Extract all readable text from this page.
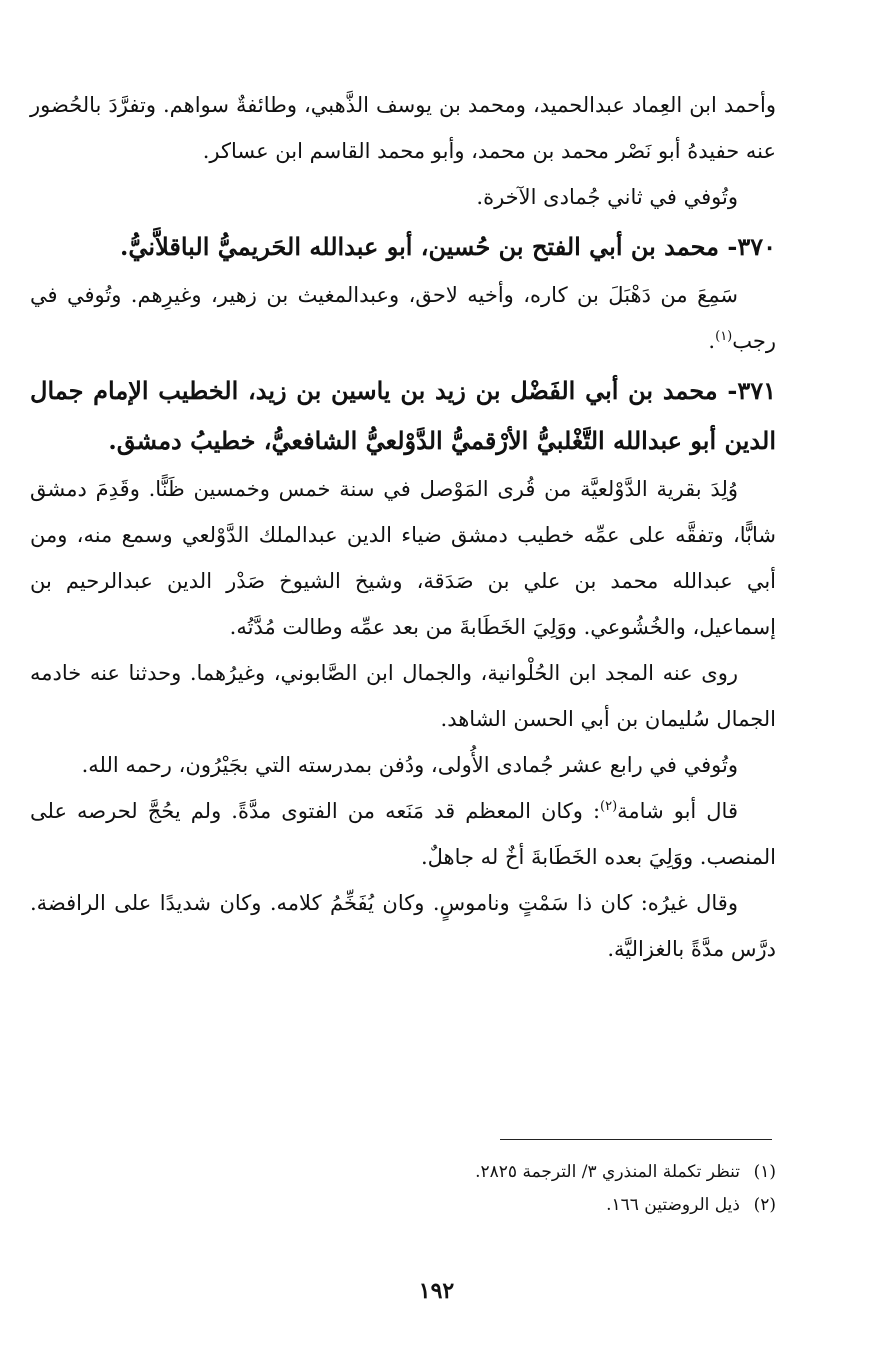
وأحمد ابن العِماد عبدالحميد، ومحمد بن يوسف الذَّهبي، وطائفةٌ سواهم. وتفرَّدَ بالحُضور عنه حفيدهُ أبو نَصْر محمد بن محمد، وأبو محمد القاسم ابن عساكر.

وتُوفي في ثاني جُمادى الآخرة.

٣٧٠- محمد بن أبي الفتح بن حُسين، أبو عبدالله الحَريميُّ الباقلاَّنيُّ.

سَمِعَ من دَهْبَلَ بن كاره، وأخيه لاحق، وعبدالمغيث بن زهير، وغيرِهم. وتُوفي في رجب$^{(١)}$.

٣٧١- محمد بن أبي الفَضْل بن زيد بن ياسين بن زيد، الخطيب الإمام جمال الدين أبو عبدالله التَّغْلبيُّ الأرْقميُّ الدَّوْلعيُّ الشافعيُّ، خطيبُ دمشق.

وُلِدَ بقرية الدَّوْلعيَّة من قُرى المَوْصل في سنة خمس وخمسين ظَنًّا. وقَدِمَ دمشق شابًّا، وتفقَّه على عمِّه خطيب دمشق ضياء الدين عبدالملك الدَّوْلعي وسمع منه، ومن أبي عبدالله محمد بن علي بن صَدَقة، وشيخ الشيوخ صَدْر الدين عبدالرحيم بن إسماعيل، والخُشُوعي. ووَلِيَ الخَطَابةَ من بعد عمِّه وطالت مُدَّتُه.

روى عنه المجد ابن الحُلْوانية، والجمال ابن الصَّابوني، وغيرُهما. وحدثنا عنه خادمه الجمال سُليمان بن أبي الحسن الشاهد.

وتُوفي في رابع عشر جُمادى الأُولى، ودُفن بمدرسته التي بجَيْرُون، رحمه الله.

قال أبو شامة$^{(٢)}$: وكان المعظم قد مَنَعه من الفتوى مدَّةً. ولم يحُجَّ لحرصه على المنصب. ووَلِيَ بعده الخَطَابةَ أخٌ له جاهلٌ.

وقال غيرُه: كان ذا سَمْتٍ وناموسٍ. وكان يُفَخِّمُ كلامه. وكان شديدًا على الرافضة. درَّس مدَّةً بالغزاليَّة.

(١)
تنظر تكملة المنذري ٣/ الترجمة ٢٨٢٥.
(٢)
ذيل الروضتين ١٦٦.
١٩٢
